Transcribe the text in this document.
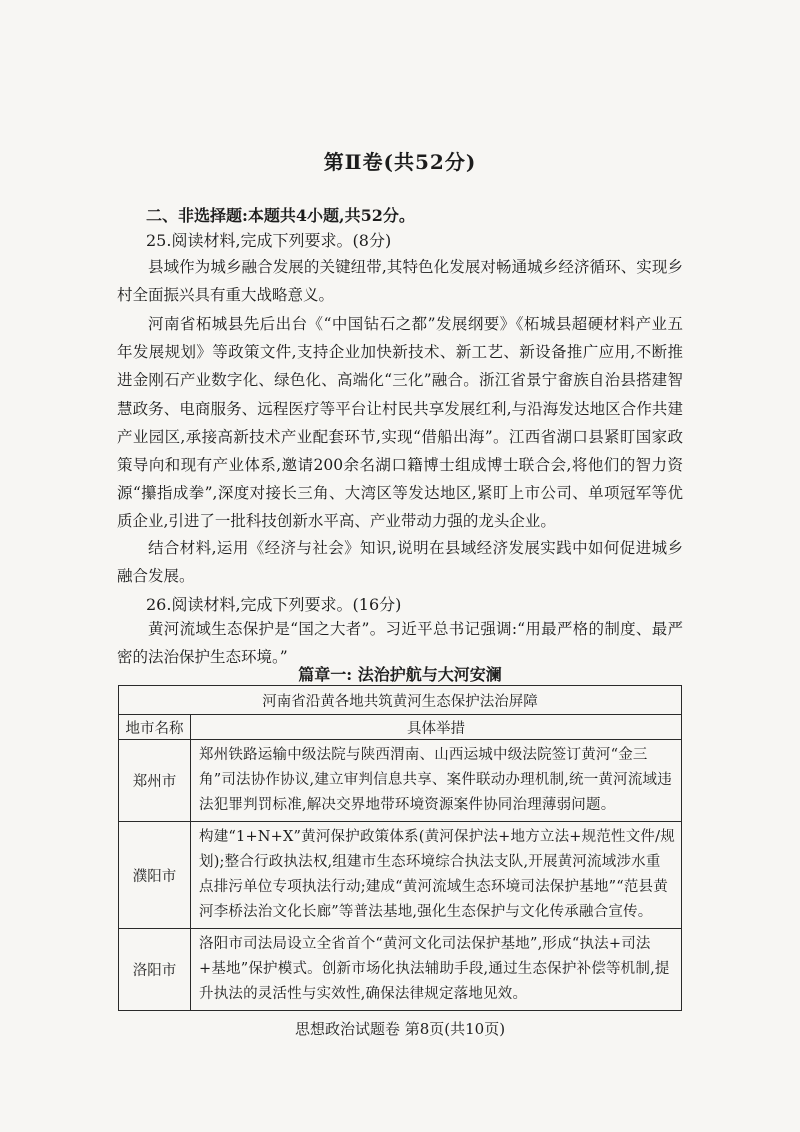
第Ⅱ卷(共52分)
二、非选择题:本题共4小题,共52分。
25.阅读材料,完成下列要求。(8分)

县域作为城乡融合发展的关键纽带,其特色化发展对畅通城乡经济循环、实现乡村全面振兴具有重大战略意义。

河南省柘城县先后出台《“中国钻石之都”发展纲要》《柘城县超硬材料产业五年发展规划》等政策文件,支持企业加快新技术、新工艺、新设备推广应用,不断推进金刚石产业数字化、绿色化、高端化“三化”融合。浙江省景宁畲族自治县搭建智慧政务、电商服务、远程医疗等平台让村民共享发展红利,与沿海发达地区合作共建产业园区,承接高新技术产业配套环节,实现“借船出海”。江西省湖口县紧盯国家政策导向和现有产业体系,邀请200余名湖口籍博士组成博士联合会,将他们的智力资源“攥指成拳”,深度对接长三角、大湾区等发达地区,紧盯上市公司、单项冠军等优质企业,引进了一批科技创新水平高、产业带动力强的龙头企业。

结合材料,运用《经济与社会》知识,说明在县域经济发展实践中如何促进城乡融合发展。

26.阅读材料,完成下列要求。(16分)

黄河流域生态保护是“国之大者”。习近平总书记强调:“用最严格的制度、最严密的法治保护生态环境。”

篇章一: 法治护航与大河安澜
河南省沿黄各地共筑黄河生态保护法治屏障	
地市名称	具体举措
郑州市	郑州铁路运输中级法院与陕西渭南、山西运城中级法院签订黄河“金三角”司法协作协议,建立审判信息共享、案件联动办理机制,统一黄河流域违法犯罪判罚标准,解决交界地带环境资源案件协同治理薄弱问题。
濮阳市	构建“1+N+X”黄河保护政策体系(黄河保护法+地方立法+规范性文件/规划);整合行政执法权,组建市生态环境综合执法支队,开展黄河流域涉水重点排污单位专项执法行动;建成“黄河流域生态环境司法保护基地”“范县黄河李桥法治文化长廊”等普法基地,强化生态保护与文化传承融合宣传。
洛阳市	洛阳市司法局设立全省首个“黄河文化司法保护基地”,形成“执法+司法+基地”保护模式。创新市场化执法辅助手段,通过生态保护补偿等机制,提升执法的灵活性与实效性,确保法律规定落地见效。
思想政治试题卷 第8页(共10页)
